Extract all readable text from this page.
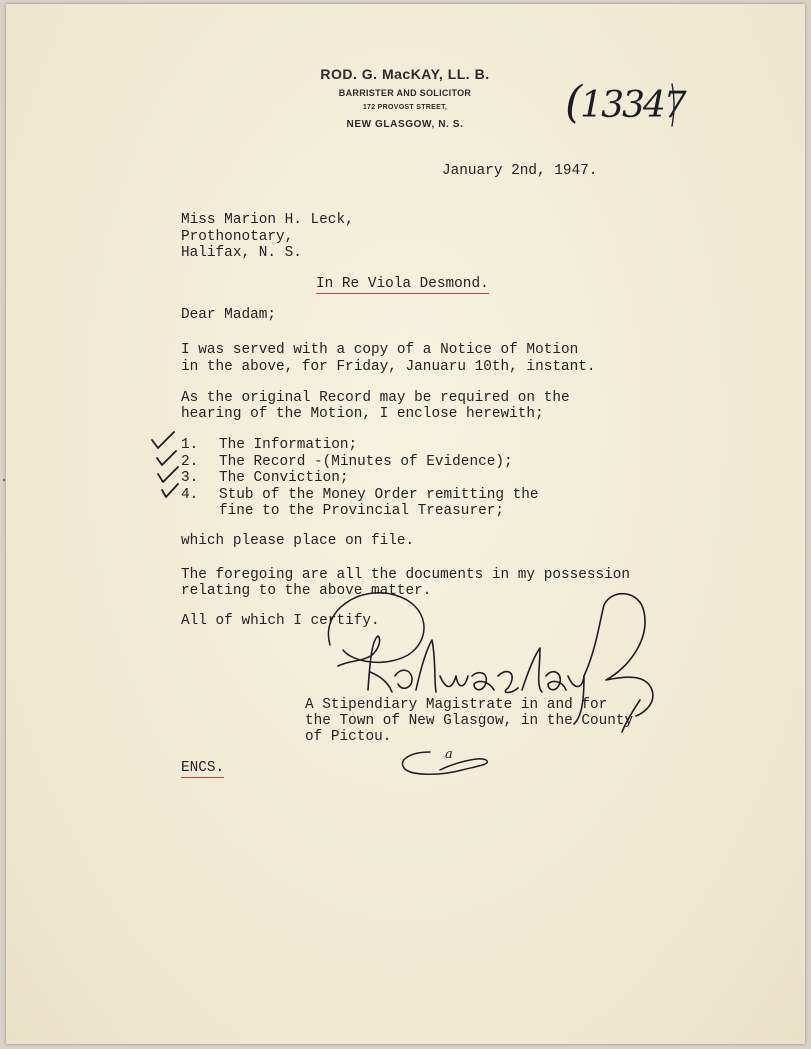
ROD. G. MacKAY, LL. B.
BARRISTER AND SOLICITOR
172 PROVOST STREET,
NEW GLASGOW, N. S.	(13347
January 2nd, 1947.
Miss Marion H. Leck,
Prothonotary,
Halifax, N. S.
In Re Viola Desmond.
Dear Madam;
I was served with a copy of a Notice of Motion
in the above, for Friday, Januaru 10th, instant.
As the original Record may be required on the
hearing of the Motion, I enclose herewith;
1. The Information;
2. The Record -(Minutes of Evidence);
3. The Conviction;
4. Stub of the Money Order remitting the
fine to the Provincial Treasurer;
which please place on file.
The foregoing are all the documents in my possession
relating to the above matter.
All of which I certify.
A Stipendiary Magistrate in and for
the Town of New Glasgow, in the County
of Pictou.
ENCS.
a
